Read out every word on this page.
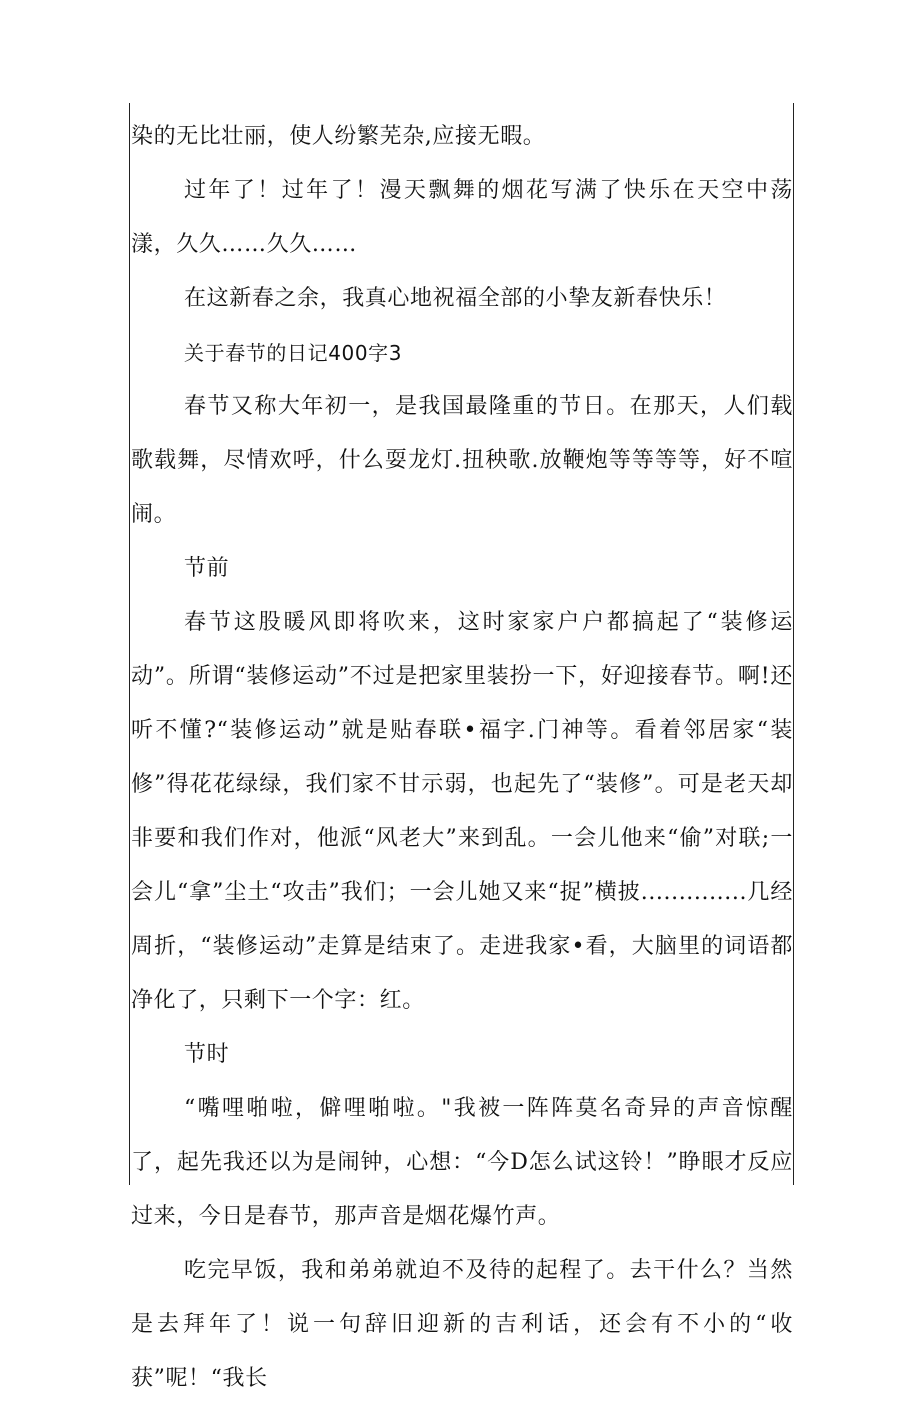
染的无比壮丽，使人纷繁芜杂,应接无暇。

过年了！过年了！漫天飘舞的烟花写满了快乐在天空中荡漾，久久……久久……

在这新春之余，我真心地祝福全部的小挚友新春快乐！

关于春节的日记400字3

春节又称大年初一，是我国最隆重的节日。在那天，人们载歌载舞，尽情欢呼，什么耍龙灯.扭秧歌.放鞭炮等等等等，好不喧闹。

节前

春节这股暖风即将吹来，这时家家户户都搞起了“装修运动”。所谓“装修运动”不过是把家里装扮一下，好迎接春节。啊!还听不懂?“装修运动”就是贴春联•福字.门神等。看着邻居家“装修”得花花绿绿，我们家不甘示弱，也起先了“装修”。可是老天却非要和我们作对，他派“风老大”来到乱。一会儿他来“偷”对联;一会儿“拿”尘土“攻击”我们；一会儿她又来“捉”横披..............几经周折，“装修运动”走算是结束了。走进我家•看，大脑里的词语都净化了，只剩下一个字：红。

节时

“嘴哩啪啦，僻哩啪啦。"我被一阵阵莫名奇异的声音惊醒了，起先我还以为是闹钟，心想：“今D怎么试这铃！”睁眼才反应过来，今日是春节，那声音是烟花爆竹声。

吃完早饭，我和弟弟就迫不及待的起程了。去干什么？当然是去拜年了！说一句辞旧迎新的吉利话，还会有不小的“收获”呢！“我长
